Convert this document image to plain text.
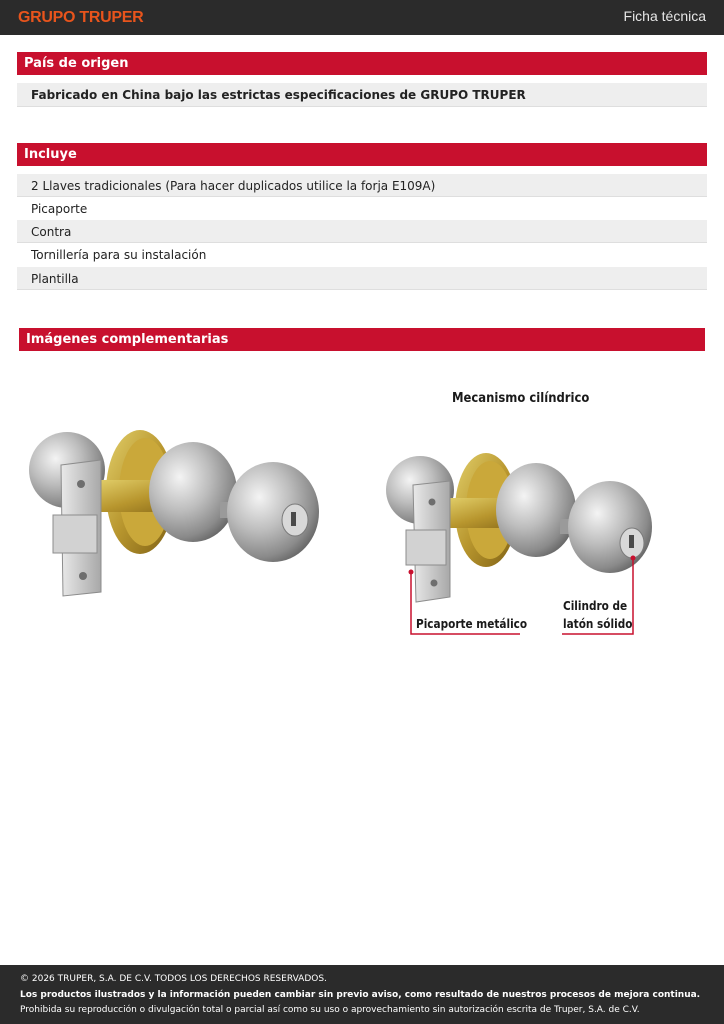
GRUPO TRUPER	Ficha técnica
País de origen
Fabricado en China bajo las estrictas especificaciones de GRUPO TRUPER
Incluye
2 Llaves tradicionales (Para hacer duplicados utilice la forja E109A)
Picaporte
Contra
Tornillería para su instalación
Plantilla
Imágenes complementarias
Mecanismo cilíndrico
Picaporte metálico
Cilindro de
latón sólido
© 2026 TRUPER, S.A. DE C.V. TODOS LOS DERECHOS RESERVADOS.
Los productos ilustrados y la información pueden cambiar sin previo aviso, como resultado de nuestros procesos de mejora continua.
Prohibida su reproducción o divulgación total o parcial así como su uso o aprovechamiento sin autorización escrita de Truper, S.A. de C.V.
